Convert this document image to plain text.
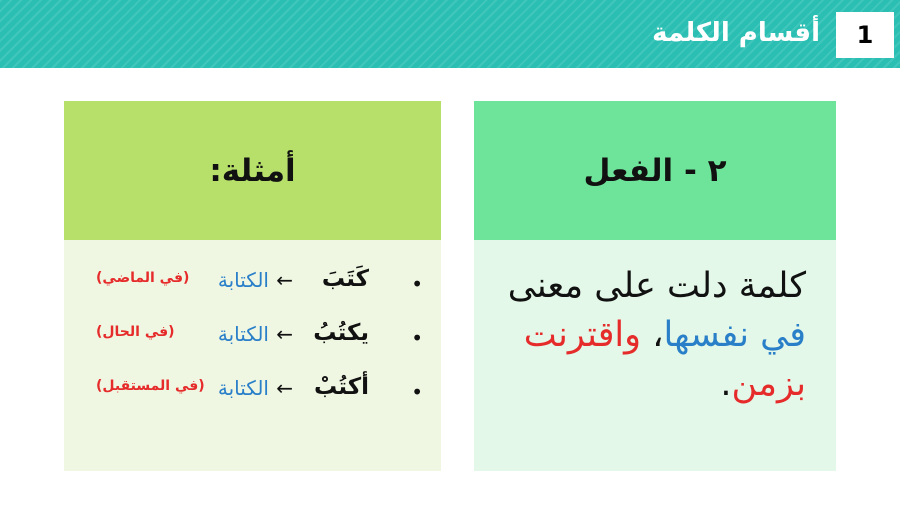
1
أقسام الكلمة
٢ - الفعل
كلمة دلت على معنى في نفسها، واقترنت بزمن.
أمثلة:
•
كَتَبَ
←
الكتابة
(في الماضي)
•
يكتُبُ
←
الكتابة
(في الحال)
•
أكتُبْ
←
الكتابة
(في المستقبل)
